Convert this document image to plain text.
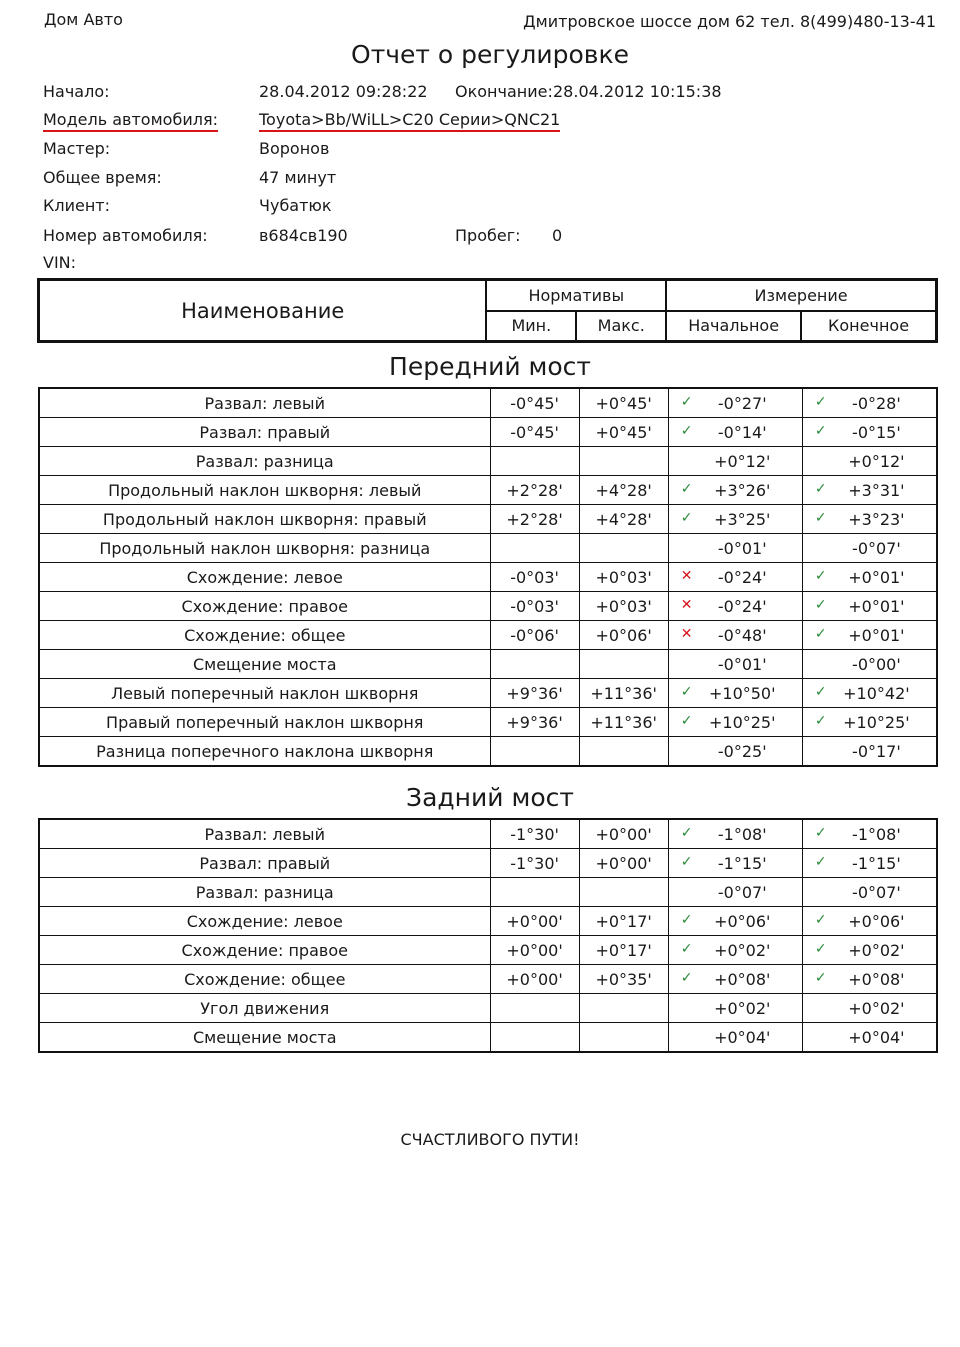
Дом Авто	Дмитровское шоссе дом 62 тел. 8(499)480-13-41
Отчет о регулировке
Начало:	28.04.2012 09:28:22 Окончание: 28.04.2012 10:15:38
Модель автомобиля:	Toyota>Bb/WiLL>C20 Серии>QNC21
Мастер:	Воронов
Общее время:	47 минут
Клиент:	Чубатюк
Номер автомобиля:	в684св190	Пробег: 0
VIN:
Наименование	Нормативы		Измерение	
	Мин.	Макс.	Начальное	Конечное
Передний мост
Развал: левый	-0°45'	+0°45'	✓ -0°27'	✓ -0°28'
Развал: правый	-0°45'	+0°45'	✓ -0°14'	✓ -0°15'
Развал: разница			+0°12'	+0°12'
Продольный наклон шкворня: левый	+2°28'	+4°28'	✓ +3°26'	✓ +3°31'
Продольный наклон шкворня: правый	+2°28'	+4°28'	✓ +3°25'	✓ +3°23'
Продольный наклон шкворня: разница			-0°01'	-0°07'
Схождение: левое	-0°03'	+0°03'	✕ -0°24'	✓ +0°01'
Схождение: правое	-0°03'	+0°03'	✕ -0°24'	✓ +0°01'
Схождение: общее	-0°06'	+0°06'	✕ -0°48'	✓ +0°01'
Смещение моста			-0°01'	-0°00'
Левый поперечный наклон шкворня	+9°36'	+11°36'	✓ +10°50'	✓ +10°42'
Правый поперечный наклон шкворня	+9°36'	+11°36'	✓ +10°25'	✓ +10°25'
Разница поперечного наклона шкворня			-0°25'	-0°17'
Задний мост
Развал: левый	-1°30'	+0°00'	✓ -1°08'	✓ -1°08'
Развал: правый	-1°30'	+0°00'	✓ -1°15'	✓ -1°15'
Развал: разница			-0°07'	-0°07'
Схождение: левое	+0°00'	+0°17'	✓ +0°06'	✓ +0°06'
Схождение: правое	+0°00'	+0°17'	✓ +0°02'	✓ +0°02'
Схождение: общее	+0°00'	+0°35'	✓ +0°08'	✓ +0°08'
Угол движения			+0°02'	+0°02'
Смещение моста			+0°04'	+0°04'
СЧАСТЛИВОГО ПУТИ!
